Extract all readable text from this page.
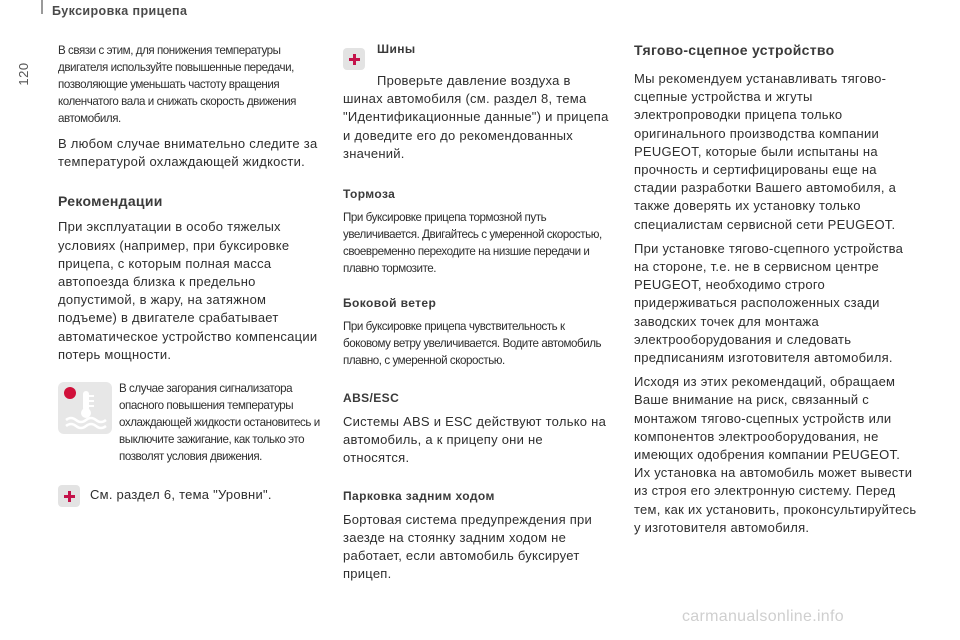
120
Буксировка прицепа

В связи с этим, для понижения температуры двигателя используйте повышенные передачи, позволяющие уменьшать частоту вращения коленчатого вала и снижать скорость движения автомобиля.

В любом случае внимательно следите за температурой охлаждающей жидкости.

Рекомендации

При эксплуатации в особо тяжелых условиях (например, при буксировке прицепа, с которым полная масса автопоезда близка к предельно допустимой, в жару, на затяжном подъеме) в двигателе срабатывает автоматическое устройство компенсации потерь мощности.

В случае загорания сигнализатора опасного повышения температуры охлаждающей жидкости остановитесь и выключите зажигание, как только это позволят условия движения.

См. раздел 6, тема "Уровни".

Шины

Проверьте давление воздуха в шинах автомобиля (см. раздел 8, тема "Идентификационные данные") и прицепа и доведите его до рекомендованных значений.

Тормоза

При буксировке прицепа тормозной путь увеличивается. Двигайтесь с умеренной скоростью, своевременно переходите на низшие передачи и плавно тормозите.

Боковой ветер

При буксировке прицепа чувствительность к боковому ветру увеличивается. Водите автомобиль плавно, с умеренной скоростью.

ABS/ESC

Системы ABS и ESC действуют только на автомобиль, а к прицепу они не относятся.

Парковка задним ходом

Бортовая система предупреждения при заезде на стоянку задним ходом не работает, если автомобиль буксирует прицеп.

Тягово-сцепное устройство

Мы рекомендуем устанавливать тягово-сцепные устройства и жгуты электропроводки прицепа только оригинального производства компании PEUGEOT, которые были испытаны на прочность и сертифицированы еще на стадии разработки Вашего автомобиля, а также доверять их установку только специалистам сервисной сети PEUGEOT.

При установке тягово-сцепного устройства на стороне, т.е. не в сервисном центре PEUGEOT, необходимо строго придерживаться расположенных сзади заводских точек для монтажа электрооборудования и следовать предписаниям изготовителя автомобиля.

Исходя из этих рекомендаций, обращаем Ваше внимание на риск, связанный с монтажом тягово-сцепных устройств или компонентов электрооборудования, не имеющих одобрения компании PEUGEOT. Их установка на автомобиль может вывести из строя его электронную систему. Перед тем, как их установить, проконсультируйтесь у изготовителя автомобиля.

carmanualsonline.info
